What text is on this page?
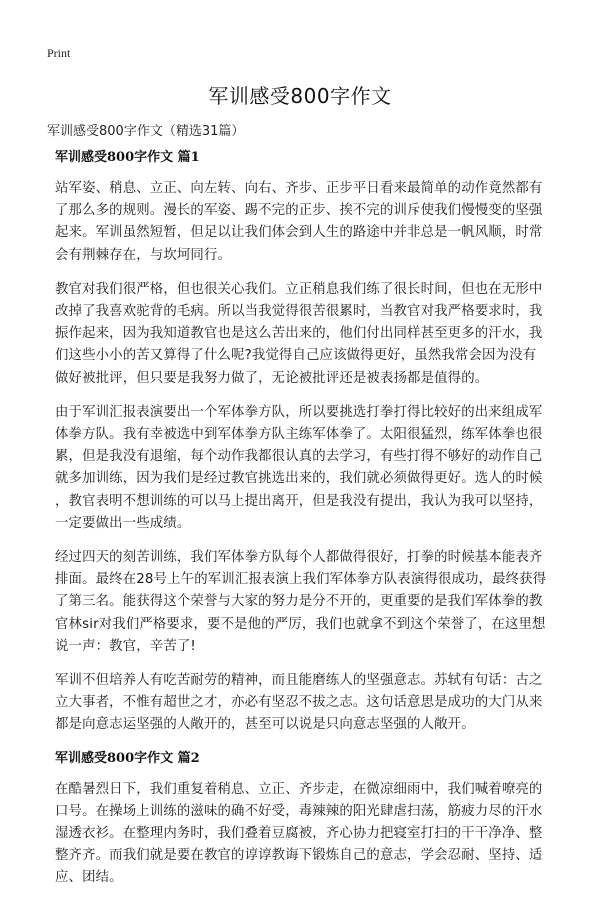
Print
军训感受800字作文
军训感受800字作文（精选31篇）
军训感受800字作文 篇1
站军姿、稍息、立正、向左转、向右、齐步、正步平日看来最简单的动作竟然都有
了那么多的规则。漫长的军姿、踢不完的正步、挨不完的训斥使我们慢慢变的坚强
起来。军训虽然短暂，但足以让我们体会到人生的路途中并非总是一帆风顺，时常
会有荆棘存在，与坎坷同行。
教官对我们很严格，但也很关心我们。立正稍息我们练了很长时间，但也在无形中
改掉了我喜欢驼背的毛病。所以当我觉得很苦很累时，当教官对我严格要求时，我
振作起来，因为我知道教官也是这么苦出来的，他们付出同样甚至更多的汗水，我
们这些小小的苦又算得了什么呢?我觉得自己应该做得更好，虽然我常会因为没有
做好被批评，但只要是我努力做了，无论被批评还是被表扬都是值得的。
由于军训汇报表演要出一个军体拳方队，所以要挑选打拳打得比较好的出来组成军
体拳方队。我有幸被选中到军体拳方队主练军体拳了。太阳很猛烈，练军体拳也很
累，但是我没有退缩，每个动作我都很认真的去学习，有些打得不够好的动作自己
就多加训练，因为我们是经过教官挑选出来的，我们就必须做得更好。选人的时候
，教官表明不想训练的可以马上提出离开，但是我没有提出，我认为我可以坚持，
一定要做出一些成绩。
经过四天的刻苦训练，我们军体拳方队每个人都做得很好，打拳的时候基本能表齐
排面。最终在28号上午的军训汇报表演上我们军体拳方队表演得很成功，最终获得
了第三名。能获得这个荣誉与大家的努力是分不开的，更重要的是我们军体拳的教
官林sir对我们严格要求，要不是他的严厉，我们也就拿不到这个荣誉了，在这里想
说一声：教官，辛苦了!
军训不但培养人有吃苦耐劳的精神，而且能磨练人的坚强意志。苏轼有句话：古之
立大事者，不惟有超世之才，亦必有坚忍不拔之志。这句话意思是成功的大门从来
都是向意志运坚强的人敞开的，甚至可以说是只向意志坚强的人敞开。
军训感受800字作文 篇2
在酷暑烈日下，我们重复着稍息、立正、齐步走，在微凉细雨中，我们喊着嘹亮的
口号。在操场上训练的滋味的确不好受，毒辣辣的阳光肆虐扫荡，筋疲力尽的汗水
湿透衣衫。在整理内务时，我们叠着豆腐被，齐心协力把寝室打扫的干干净净、整
整齐齐。而我们就是要在教官的谆谆教诲下锻炼自己的意志，学会忍耐、坚持、适
应、团结。
